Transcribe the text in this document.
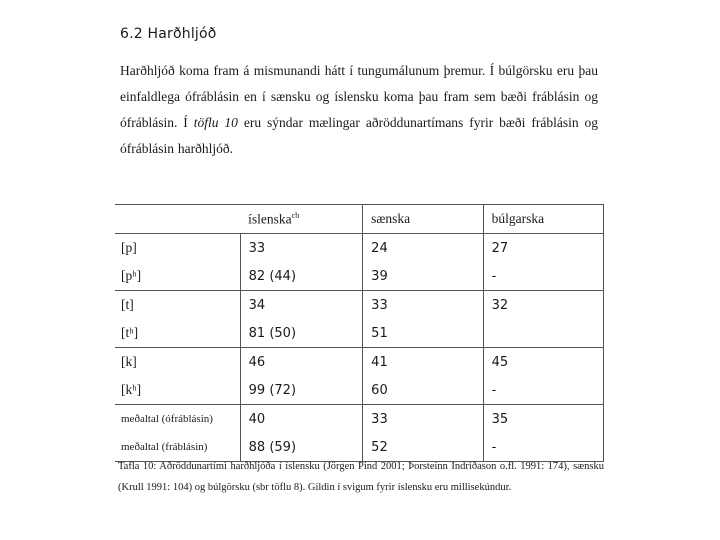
6.2 Harðhljóð
Harðhljóð koma fram á mismunandi hátt í tungumálunum þremur. Í búlgörsku eru þau einfaldlega ófráblásin en í sænsku og íslensku koma þau fram sem bæði fráblásin og ófráblásin. Í töflu 10 eru sýndar mælingar aðröddunartímans fyrir bæði fráblásin og ófráblásin harðhljóð.
	íslenska$^{cb}$	sænska	búlgarska
[p]	33	24	27
[pʰ]	82 (44)	39	-
[t]	34	33	32
[tʰ]	81 (50)	51	
[k]	46	41	45
[kʰ]	99 (72)	60	-
meðaltal (ófráblásin)	40	33	35
meðaltal (fráblásin)	88 (59)	52	-
Tafla 10: Aðröddunartími harðhljóða í íslensku (Jörgen Pind 2001; Þorsteinn Indriðason o.fl. 1991: 174), sænsku (Krull 1991: 104) og búlgörsku (sbr töflu 8). Gildin í svigum fyrir íslensku eru millisekúndur.
